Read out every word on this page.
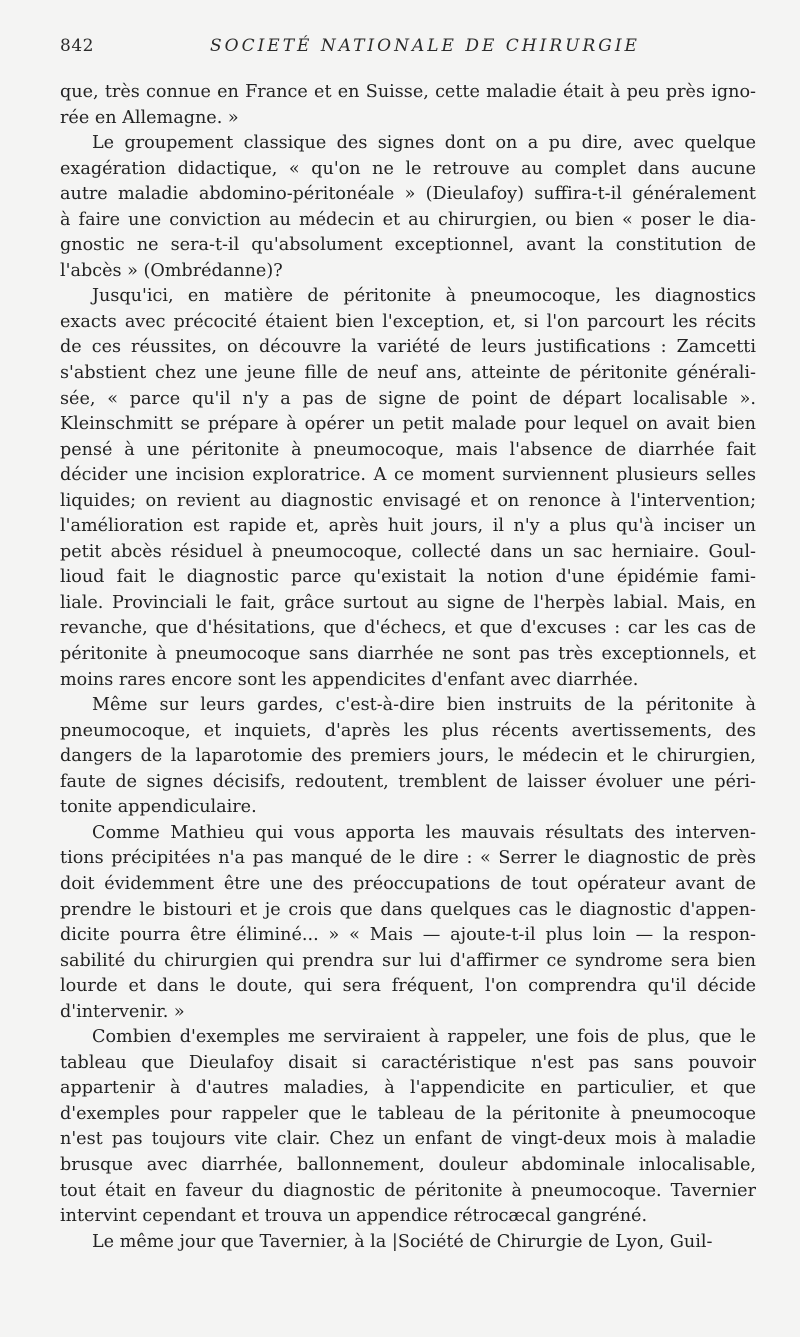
842	SOCIETÉ NATIONALE DE CHIRURGIE
que, très connue en France et en Suisse, cette maladie était à peu près igno-
rée en Allemagne. »
Le groupement classique des signes dont on a pu dire, avec quelque
exagération didactique, « qu'on ne le retrouve au complet dans aucune
autre maladie abdomino-péritonéale » (Dieulafoy) suffira-t-il généralement
à faire une conviction au médecin et au chirurgien, ou bien « poser le dia-
gnostic ne sera-t-il qu'absolument exceptionnel, avant la constitution de
l'abcès » (Ombrédanne)?
Jusqu'ici, en matière de péritonite à pneumocoque, les diagnostics
exacts avec précocité étaient bien l'exception, et, si l'on parcourt les récits
de ces réussites, on découvre la variété de leurs justifications : Zamcetti
s'abstient chez une jeune fille de neuf ans, atteinte de péritonite générali-
sée, « parce qu'il n'y a pas de signe de point de départ localisable ».
Kleinschmitt se prépare à opérer un petit malade pour lequel on avait bien
pensé à une péritonite à pneumocoque, mais l'absence de diarrhée fait
décider une incision exploratrice. A ce moment surviennent plusieurs selles
liquides; on revient au diagnostic envisagé et on renonce à l'intervention;
l'amélioration est rapide et, après huit jours, il n'y a plus qu'à inciser un
petit abcès résiduel à pneumocoque, collecté dans un sac herniaire. Goul-
lioud fait le diagnostic parce qu'existait la notion d'une épidémie fami-
liale. Provinciali le fait, grâce surtout au signe de l'herpès labial. Mais, en
revanche, que d'hésitations, que d'échecs, et que d'excuses : car les cas de
péritonite à pneumocoque sans diarrhée ne sont pas très exceptionnels, et
moins rares encore sont les appendicites d'enfant avec diarrhée.
Même sur leurs gardes, c'est-à-dire bien instruits de la péritonite à
pneumocoque, et inquiets, d'après les plus récents avertissements, des
dangers de la laparotomie des premiers jours, le médecin et le chirurgien,
faute de signes décisifs, redoutent, tremblent de laisser évoluer une péri-
tonite appendiculaire.
Comme Mathieu qui vous apporta les mauvais résultats des interven-
tions précipitées n'a pas manqué de le dire : « Serrer le diagnostic de près
doit évidemment être une des préoccupations de tout opérateur avant de
prendre le bistouri et je crois que dans quelques cas le diagnostic d'appen-
dicite pourra être éliminé... » « Mais — ajoute-t-il plus loin — la respon-
sabilité du chirurgien qui prendra sur lui d'affirmer ce syndrome sera bien
lourde et dans le doute, qui sera fréquent, l'on comprendra qu'il décide
d'intervenir. »
Combien d'exemples me serviraient à rappeler, une fois de plus, que le
tableau que Dieulafoy disait si caractéristique n'est pas sans pouvoir
appartenir à d'autres maladies, à l'appendicite en particulier, et que
d'exemples pour rappeler que le tableau de la péritonite à pneumocoque
n'est pas toujours vite clair. Chez un enfant de vingt-deux mois à maladie
brusque avec diarrhée, ballonnement, douleur abdominale inlocalisable,
tout était en faveur du diagnostic de péritonite à pneumocoque. Tavernier
intervint cependant et trouva un appendice rétrocæcal gangréné.
Le même jour que Tavernier, à la |Société de Chirurgie de Lyon, Guil-
